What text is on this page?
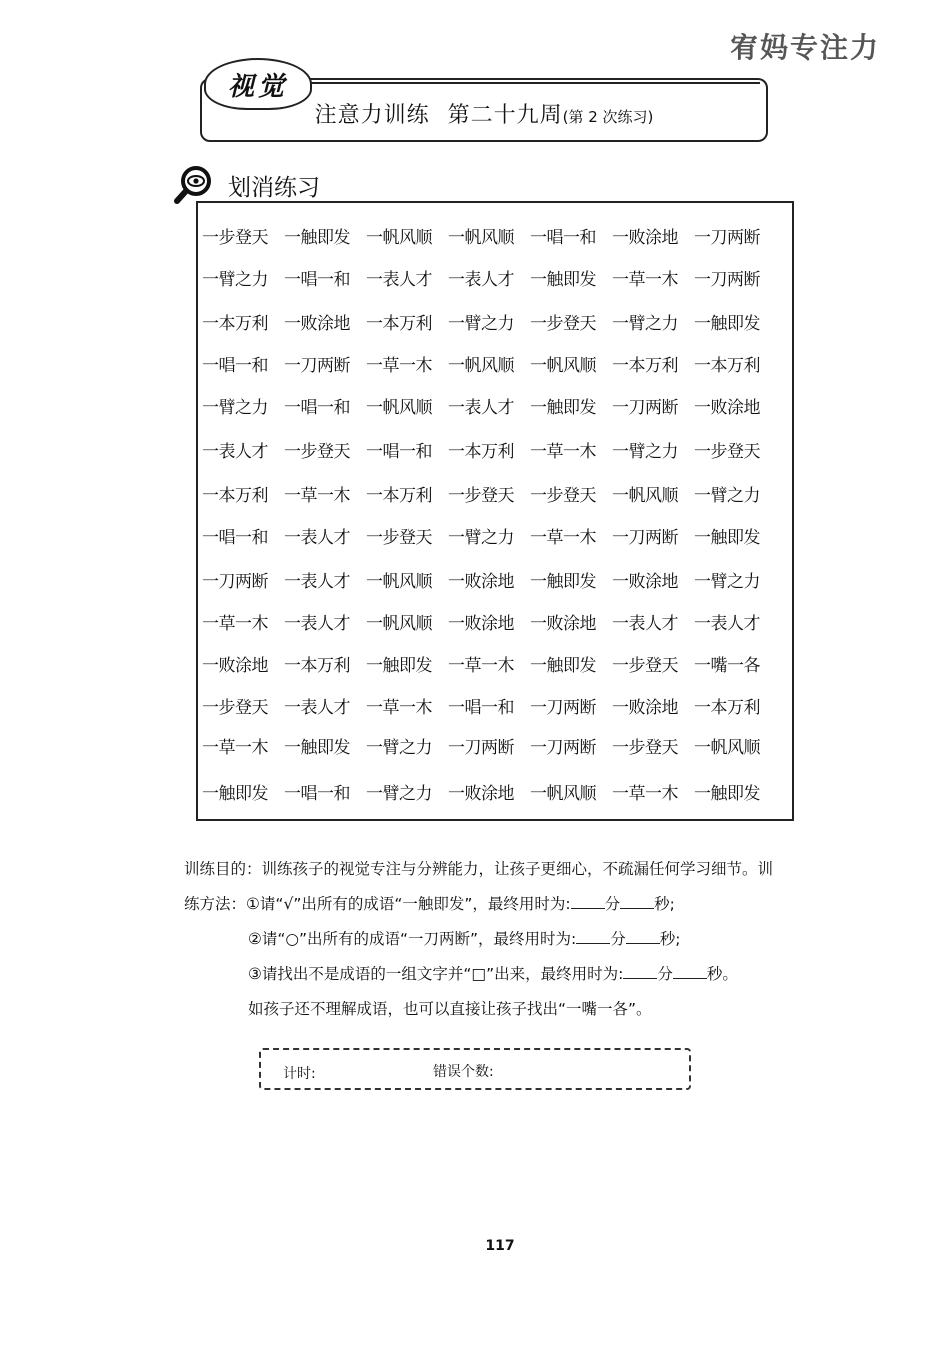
宥妈专注力
视觉
注意力训练 第二十九周(第 2 次练习)
划消练习
一步登天 一触即发 一帆风顺 一帆风顺 一唱一和 一败涂地 一刀两断
一臂之力 一唱一和 一表人才 一表人才 一触即发 一草一木 一刀两断
一本万利 一败涂地 一本万利 一臂之力 一步登天 一臂之力 一触即发
一唱一和 一刀两断 一草一木 一帆风顺 一帆风顺 一本万利 一本万利
一臂之力 一唱一和 一帆风顺 一表人才 一触即发 一刀两断 一败涂地
一表人才 一步登天 一唱一和 一本万利 一草一木 一臂之力 一步登天
一本万利 一草一木 一本万利 一步登天 一步登天 一帆风顺 一臂之力
一唱一和 一表人才 一步登天 一臂之力 一草一木 一刀两断 一触即发
一刀两断 一表人才 一帆风顺 一败涂地 一触即发 一败涂地 一臂之力
一草一木 一表人才 一帆风顺 一败涂地 一败涂地 一表人才 一表人才
一败涂地 一本万利 一触即发 一草一木 一触即发 一步登天 一嘴一各
一步登天 一表人才 一草一木 一唱一和 一刀两断 一败涂地 一本万利
一草一木 一触即发 一臂之力 一刀两断 一刀两断 一步登天 一帆风顺
一触即发 一唱一和 一臂之力 一败涂地 一帆风顺 一草一木 一触即发
训练目的：训练孩子的视觉专注与分辨能力，让孩子更细心，不疏漏任何学习细节。训
练方法：①请“√”出所有的成语“一触即发”，最终用时为: 分 秒;
②请“○”出所有的成语“一刀两断”，最终用时为: 分 秒;
③请找出不是成语的一组文字并“□”出来，最终用时为: 分 秒。
如孩子还不理解成语，也可以直接让孩子找出“一嘴一各”。
计时:	错误个数:
117
